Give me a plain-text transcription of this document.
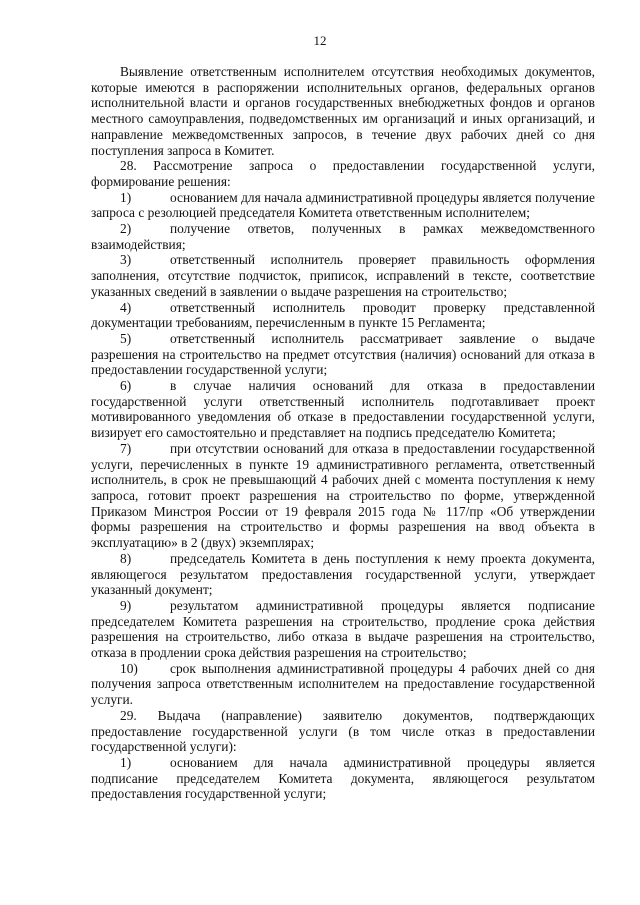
12

Выявление ответственным исполнителем отсутствия необходимых документов, которые имеются в распоряжении исполнительных органов, федеральных органов исполнительной власти и органов государственных внебюджетных фондов и органов местного самоуправления, подведомственных им организаций и иных организаций, и направление межведомственных запросов, в течение двух рабочих дней со дня поступления запроса в Комитет.

28. Рассмотрение запроса о предоставлении государственной услуги, формирование решения:

1)	основанием для начала административной процедуры является получение запроса с резолюцией председателя Комитета ответственным исполнителем;

2)	получение ответов, полученных в рамках межведомственного взаимодействия;

3)	ответственный исполнитель проверяет правильность оформления заполнения, отсутствие подчисток, приписок, исправлений в тексте, соответствие указанных сведений в заявлении о выдаче разрешения на строительство;

4)	ответственный исполнитель проводит проверку представленной документации требованиям, перечисленным в пункте 15 Регламента;

5)	ответственный исполнитель рассматривает заявление о выдаче разрешения на строительство на предмет отсутствия (наличия) оснований для отказа в предоставлении государственной услуги;

6)	в случае наличия оснований для отказа в предоставлении государственной услуги ответственный исполнитель подготавливает проект мотивированного уведомления об отказе в предоставлении государственной услуги, визирует его самостоятельно и представляет на подпись председателю Комитета;

7)	при отсутствии оснований для отказа в предоставлении государственной услуги, перечисленных в пункте 19 административного регламента, ответственный исполнитель, в срок не превышающий 4 рабочих дней с момента поступления к нему запроса, готовит проект разрешения на строительство по форме, утвержденной Приказом Минстроя России от 19 февраля 2015 года № 117/пр «Об утверждении формы разрешения на строительство и формы разрешения на ввод объекта в эксплуатацию» в 2 (двух) экземплярах;

8)	председатель Комитета в день поступления к нему проекта документа, являющегося результатом предоставления государственной услуги, утверждает указанный документ;

9)	результатом административной процедуры является подписание председателем Комитета разрешения на строительство, продление срока действия разрешения на строительство, либо отказа в выдаче разрешения на строительство, отказа в продлении срока действия разрешения на строительство;

10) срок выполнения административной процедуры 4 рабочих дней со дня получения запроса ответственным исполнителем на предоставление государственной услуги.

29. Выдача (направление) заявителю документов, подтверждающих предоставление государственной услуги (в том числе отказ в предоставлении государственной услуги):

1)	основанием для начала административной процедуры является подписание председателем Комитета документа, являющегося результатом предоставления государственной услуги;
